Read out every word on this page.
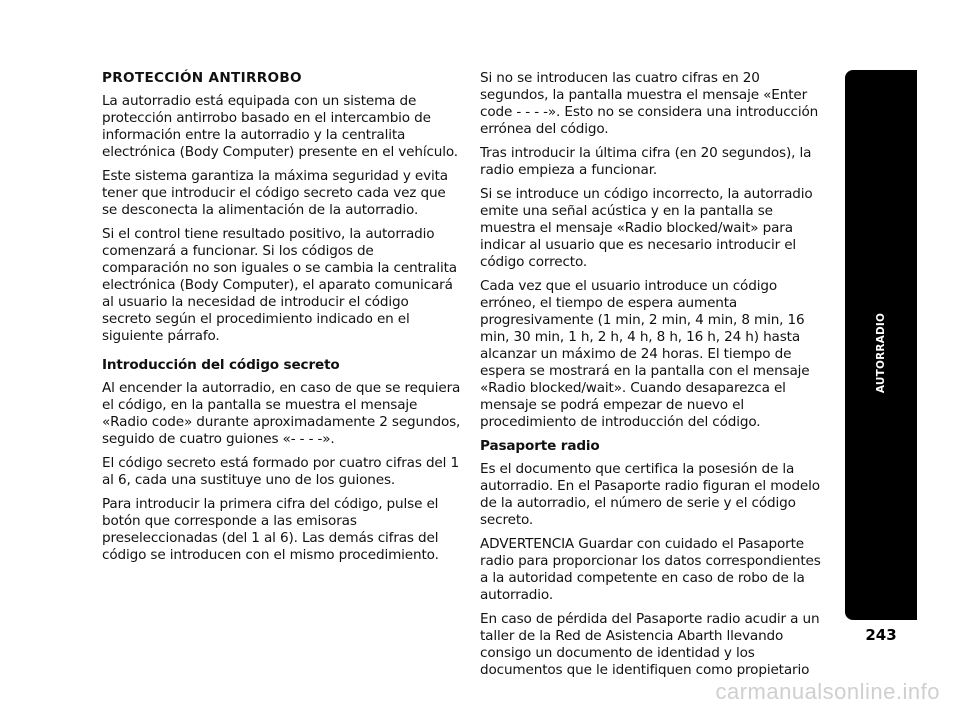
PROTECCIÓN ANTIRROBO

La autorradio está equipada con un sistema de protección antirrobo basado en el intercambio de información entre la autorradio y la centralita electrónica (Body Computer) presente en el vehículo.

Este sistema garantiza la máxima seguridad y evita tener que introducir el código secreto cada vez que se desconecta la alimentación de la autorradio.

Si el control tiene resultado positivo, la autorradio comenzará a funcionar. Si los códigos de comparación no son iguales o se cambia la centralita electrónica (Body Computer), el aparato comunicará al usuario la necesidad de introducir el código secreto según el procedimiento indicado en el siguiente párrafo.

Introducción del código secreto

Al encender la autorradio, en caso de que se requiera el código, en la pantalla se muestra el mensaje «Radio code» durante aproximadamente 2 segundos, seguido de cuatro guiones «- - - -».

El código secreto está formado por cuatro cifras del 1 al 6, cada una sustituye uno de los guiones.

Para introducir la primera cifra del código, pulse el botón que corresponde a las emisoras preseleccionadas (del 1 al 6). Las demás cifras del código se introducen con el mismo procedimiento.

Si no se introducen las cuatro cifras en 20 segundos, la pantalla muestra el mensaje «Enter code - - - -». Esto no se considera una introducción errónea del código.

Tras introducir la última cifra (en 20 segundos), la radio empieza a funcionar.

Si se introduce un código incorrecto, la autorradio emite una señal acústica y en la pantalla se muestra el mensaje «Radio blocked/wait» para indicar al usuario que es necesario introducir el código correcto.

Cada vez que el usuario introduce un código erróneo, el tiempo de espera aumenta progresivamente (1 min, 2 min, 4 min, 8 min, 16 min, 30 min, 1 h, 2 h, 4 h, 8 h, 16 h, 24 h) hasta alcanzar un máximo de 24 horas. El tiempo de espera se mostrará en la pantalla con el mensaje «Radio blocked/wait». Cuando desaparezca el mensaje se podrá empezar de nuevo el procedimiento de introducción del código.

Pasaporte radio

Es el documento que certifica la posesión de la autorradio. En el Pasaporte radio figuran el modelo de la autorradio, el número de serie y el código secreto.

ADVERTENCIA Guardar con cuidado el Pasaporte radio para proporcionar los datos correspondientes a la autoridad competente en caso de robo de la autorradio.

En caso de pérdida del Pasaporte radio acudir a un taller de la Red de Asistencia Abarth llevando consigo un documento de identidad y los documentos que le identifiquen como propietario

AUTORRADIO
243
carmanualsonline.info
